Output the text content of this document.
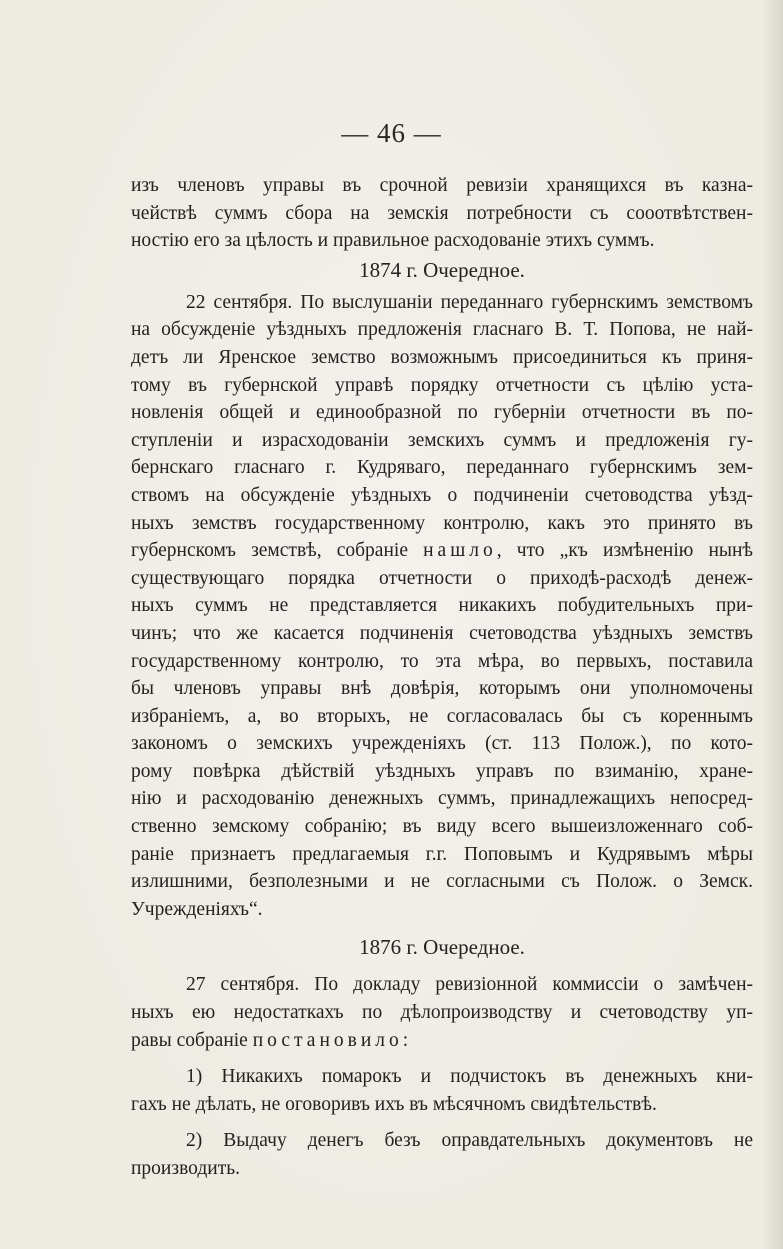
— 46 —
изъ членовъ управы въ срочной ревизiи хранящихся въ казна-
чействѣ суммъ сбора на земскiя потребности съ сооотвѣтствен-
ностiю его за цѣлость и правильное расходованiе этихъ суммъ.
1874 г. Очередное.
22 сентября. По выслушанiи переданнаго губернскимъ земствомъ
на обсужденiе уѣздныхъ предложенiя гласнаго В. Т. Попова, не най-
детъ ли Яренское земство возможнымъ присоединиться къ приня-
тому въ губернской управѣ порядку отчетности съ цѣлiю уста-
новленiя общей и единообразной по губернiи отчетности въ по-
ступленiи и израсходованiи земскихъ суммъ и предложенiя гу-
бернскаго гласнаго г. Кудряваго, переданнаго губернскимъ зем-
ствомъ на обсужденiе уѣздныхъ о подчиненiи счетоводства уѣзд-
ныхъ земствъ государственному контролю, какъ это принято въ
губернскомъ земствѣ, собранiе нашло, что „къ измѣненiю нынѣ
существующаго порядка отчетности о приходѣ-расходѣ денеж-
ныхъ суммъ не представляется никакихъ побудительныхъ при-
чинъ; что же касается подчиненiя счетоводства уѣздныхъ земствъ
государственному контролю, то эта мѣра, во первыхъ, поставила
бы членовъ управы внѣ довѣрiя, которымъ они уполномочены
избранiемъ, а, во вторыхъ, не согласовалась бы съ кореннымъ
закономъ о земскихъ учрежденiяхъ (ст. 113 Полож.), по кото-
рому повѣрка дѣйствiй уѣздныхъ управъ по взиманiю, хране-
нiю и расходованiю денежныхъ суммъ, принадлежащихъ непосред-
ственно земскому собранiю; въ виду всего вышеизложеннаго соб-
ранiе признаетъ предлагаемыя г.г. Поповымъ и Кудрявымъ мѣры
излишними, безполезными и не согласными съ Полож. о Земск.
Учрежденiяхъ“.
1876 г. Очередное.
27 сентября. По докладу ревизiонной коммиссiи о замѣчен-
ныхъ ею недостаткахъ по дѣлопроизводству и счетоводству уп-
равы собранiе постановило:
1) Никакихъ помарокъ и подчистокъ въ денежныхъ кни-
гахъ не дѣлать, не оговоривъ ихъ въ мѣсячномъ свидѣтельствѣ.
2) Выдачу денегъ безъ оправдательныхъ документовъ не
производить.
